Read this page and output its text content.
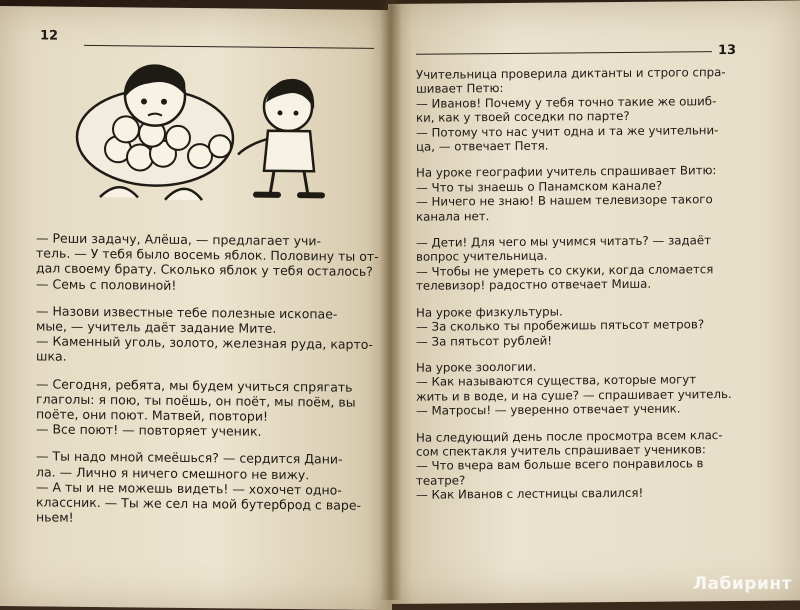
12

— Реши задачу, Алёша, — предлагает учи-

тель. — У тебя было восемь яблок. Половину ты от-

дал своему брату. Сколько яблок у тебя осталось?

— Семь с половиной!

— Назови известные тебе полезные ископае-

мые, — учитель даёт задание Мите.

— Каменный уголь, золото, железная руда, карто-

шка.

— Сегодня, ребята, мы будем учиться спрягать

глаголы: я пою, ты поёшь, он поёт, мы поём, вы

поёте, они поют. Матвей, повтори!

— Все поют! — повторяет ученик.

— Ты надо мной смеёшься? — сердится Дани-

ла. — Лично я ничего смешного не вижу.

— А ты и не можешь видеть! — хохочет одно-

классник. — Ты же сел на мой бутерброд с варе-

ньем!

13

Учительница проверила диктанты и строго спра-

шивает Петю:

— Иванов! Почему у тебя точно такие же ошиб-

ки, как у твоей соседки по парте?

— Потому что нас учит одна и та же учительни-

ца, — отвечает Петя.

На уроке географии учитель спрашивает Витю:

— Что ты знаешь о Панамском канале?

— Ничего не знаю! В нашем телевизоре такого

канала нет.

— Дети! Для чего мы учимся читать? — задаёт

вопрос учительница.

— Чтобы не умереть со скуки, когда сломается

телевизор! радостно отвечает Миша.

На уроке физкультуры.

— За сколько ты пробежишь пятьсот метров?

— За пятьсот рублей!

На уроке зоологии.

— Как называются существа, которые могут

жить и в воде, и на суше? — спрашивает учитель.

— Матросы! — уверенно отвечает ученик.

На следующий день после просмотра всем клас-

сом спектакля учитель спрашивает учеников:

— Что вчера вам больше всего понравилось в

театре?

— Как Иванов с лестницы свалился!

Лабиринт
